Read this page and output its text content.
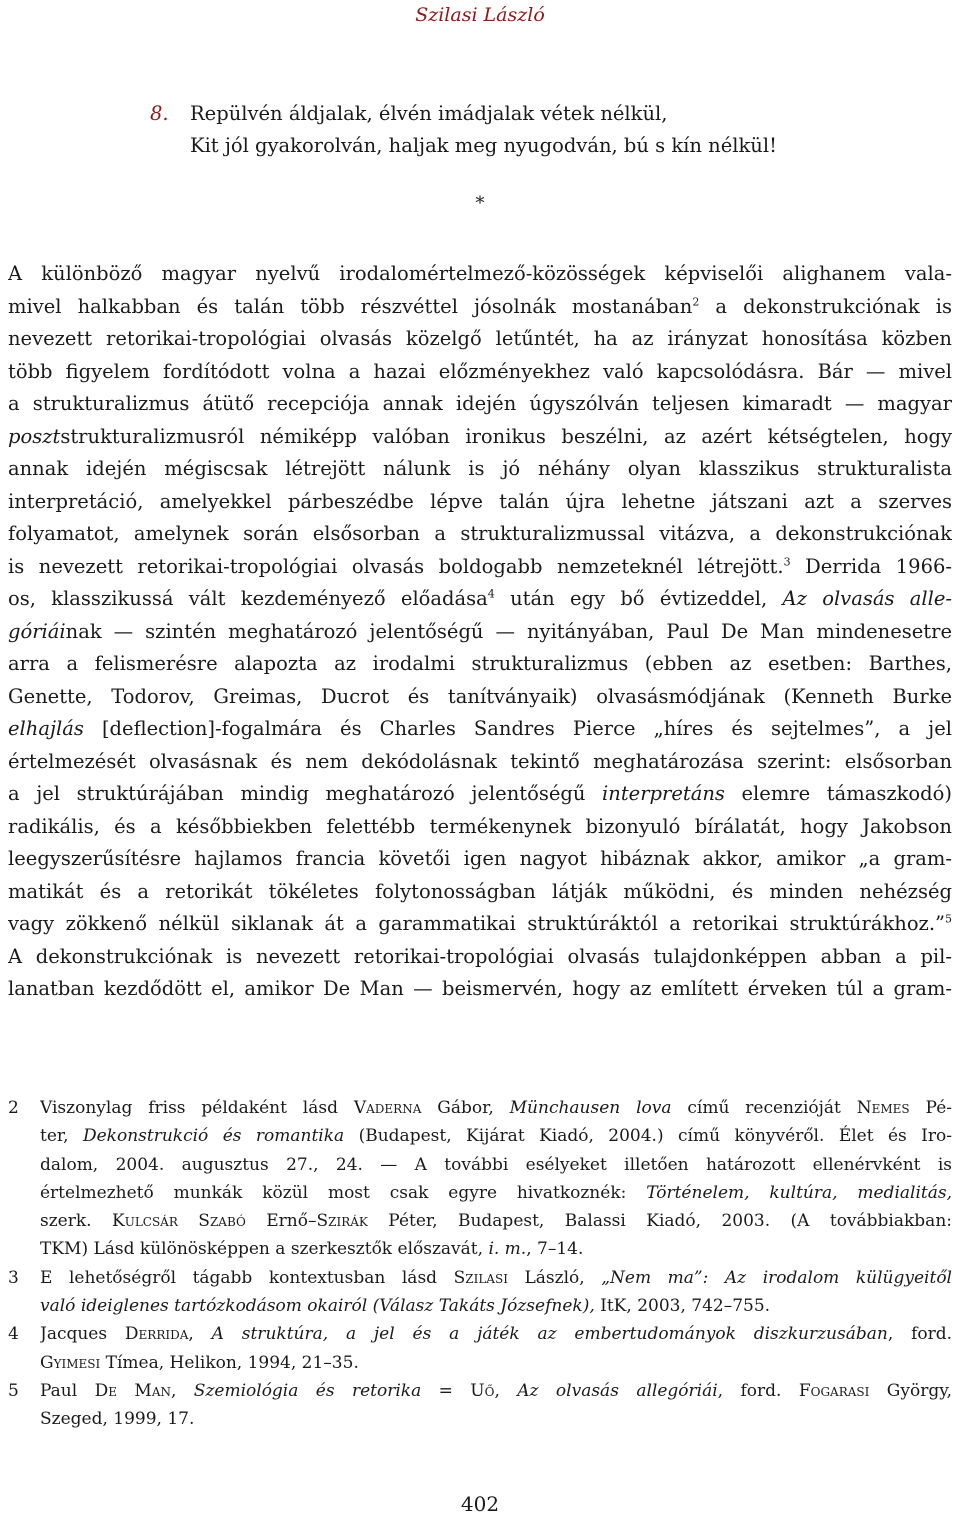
Szilasi László
8.	Repülvén áldjalak, élvén imádjalak vétek nélkül,
Kit jól gyakorolván, haljak meg nyugodván, bú s kín nélkül!
*
A különböző magyar nyelvű irodalomértelmező-közösségek képviselői alighanem vala-
mivel halkabban és talán több részvéttel jósolnák mostanában$^2$ a dekonstrukciónak is
nevezett retorikai-tropológiai olvasás közelgő letűntét, ha az irányzat honosítása közben
több figyelem fordítódott volna a hazai előzményekhez való kapcsolódásra. Bár — mivel
a strukturalizmus átütő recepciója annak idején úgyszólván teljesen kimaradt — magyar
posztstrukturalizmusról némiképp valóban ironikus beszélni, az azért kétségtelen, hogy
annak idején mégiscsak létrejött nálunk is jó néhány olyan klasszikus strukturalista
interpretáció, amelyekkel párbeszédbe lépve talán újra lehetne játszani azt a szerves
folyamatot, amelynek során elsősorban a strukturalizmussal vitázva, a dekonstrukciónak
is nevezett retorikai-tropológiai olvasás boldogabb nemzeteknél létrejött.$^3$ Derrida 1966-
os, klasszikussá vált kezdeményező előadása$^4$ után egy bő évtizeddel, Az olvasás alle-
góriáinak — szintén meghatározó jelentőségű — nyitányában, Paul De Man mindenesetre
arra a felismerésre alapozta az irodalmi strukturalizmus (ebben az esetben: Barthes,
Genette, Todorov, Greimas, Ducrot és tanítványaik) olvasásmódjának (Kenneth Burke
elhajlás [deflection]-fogalmára és Charles Sandres Pierce „híres és sejtelmes”, a jel
értelmezését olvasásnak és nem dekódolásnak tekintő meghatározása szerint: elsősorban
a jel struktúrájában mindig meghatározó jelentőségű interpretáns elemre támaszkodó)
radikális, és a későbbiekben felettébb termékenynek bizonyuló bírálatát, hogy Jakobson
leegyszerűsítésre hajlamos francia követői igen nagyot hibáznak akkor, amikor „a gram-
matikát és a retorikát tökéletes folytonosságban látják működni, és minden nehézség
vagy zökkenő nélkül siklanak át a garammatikai struktúráktól a retorikai struktúrákhoz.”$^5$
A dekonstrukciónak is nevezett retorikai-tropológiai olvasás tulajdonképpen abban a pil-
lanatban kezdődött el, amikor De Man — beismervén, hogy az említett érveken túl a gram-
2 Viszonylag friss példaként lásd Vaderna Gábor, Münchausen lova című recenzióját Nemes Pé-
ter, Dekonstrukció és romantika (Budapest, Kijárat Kiadó, 2004.) című könyvéről. Élet és Iro-
dalom, 2004. augusztus 27., 24. — A további esélyeket illetően határozott ellenérvként is
értelmezhető munkák közül most csak egyre hivatkoznék: Történelem, kultúra, medialitás,
szerk. Kulcsár Szabó Ernő–Szirák Péter, Budapest, Balassi Kiadó, 2003. (A továbbiakban:
TKM) Lásd különösképpen a szerkesztők előszavát, i. m., 7–14.
3 E lehetőségről tágabb kontextusban lásd Szilasi László, „Nem ma”: Az irodalom külügyeitől
való ideiglenes tartózkodásom okairól (Válasz Takáts Józsefnek), ItK, 2003, 742–755.
4 Jacques Derrida, A struktúra, a jel és a játék az embertudományok diszkurzusában, ford.
Gyimesi Tímea, Helikon, 1994, 21–35.
5 Paul De Man, Szemiológia és retorika = Uő, Az olvasás allegóriái, ford. Fogarasi György,
Szeged, 1999, 17.
402
